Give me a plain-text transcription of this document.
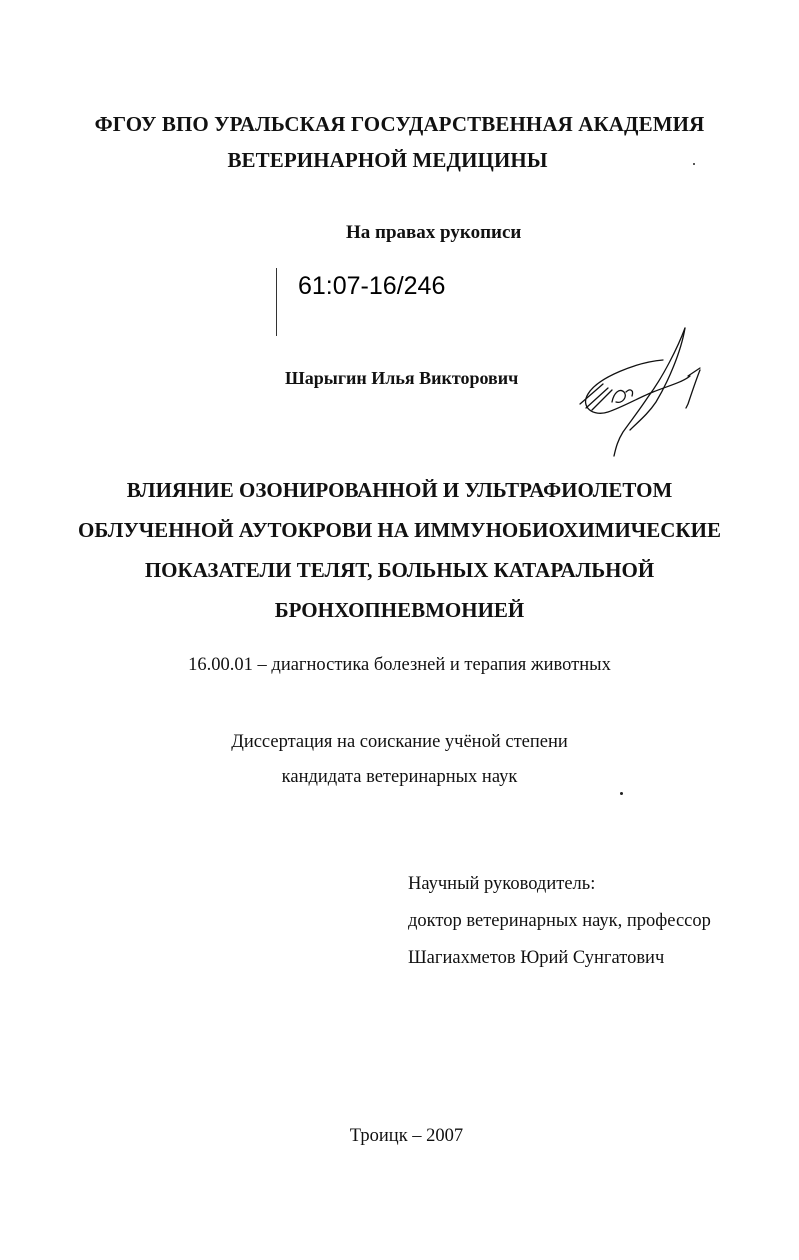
ФГОУ ВПО УРАЛЬСКАЯ ГОСУДАРСТВЕННАЯ АКАДЕМИЯ
ВЕТЕРИНАРНОЙ МЕДИЦИНЫ
На правах рукописи
61:07-16/246
Шарыгин Илья Викторович
ВЛИЯНИЕ ОЗОНИРОВАННОЙ И УЛЬТРАФИОЛЕТОМ
ОБЛУЧЕННОЙ АУТОКРОВИ НА ИММУНОБИОХИМИЧЕСКИЕ
ПОКАЗАТЕЛИ ТЕЛЯТ, БОЛЬНЫХ КАТАРАЛЬНОЙ
БРОНХОПНЕВМОНИЕЙ
16.00.01 – диагностика болезней и терапия животных
Диссертация на соискание учёной степени
кандидата ветеринарных наук
Научный руководитель:
доктор ветеринарных наук, профессор
Шагиахметов Юрий Сунгатович
Троицк – 2007
